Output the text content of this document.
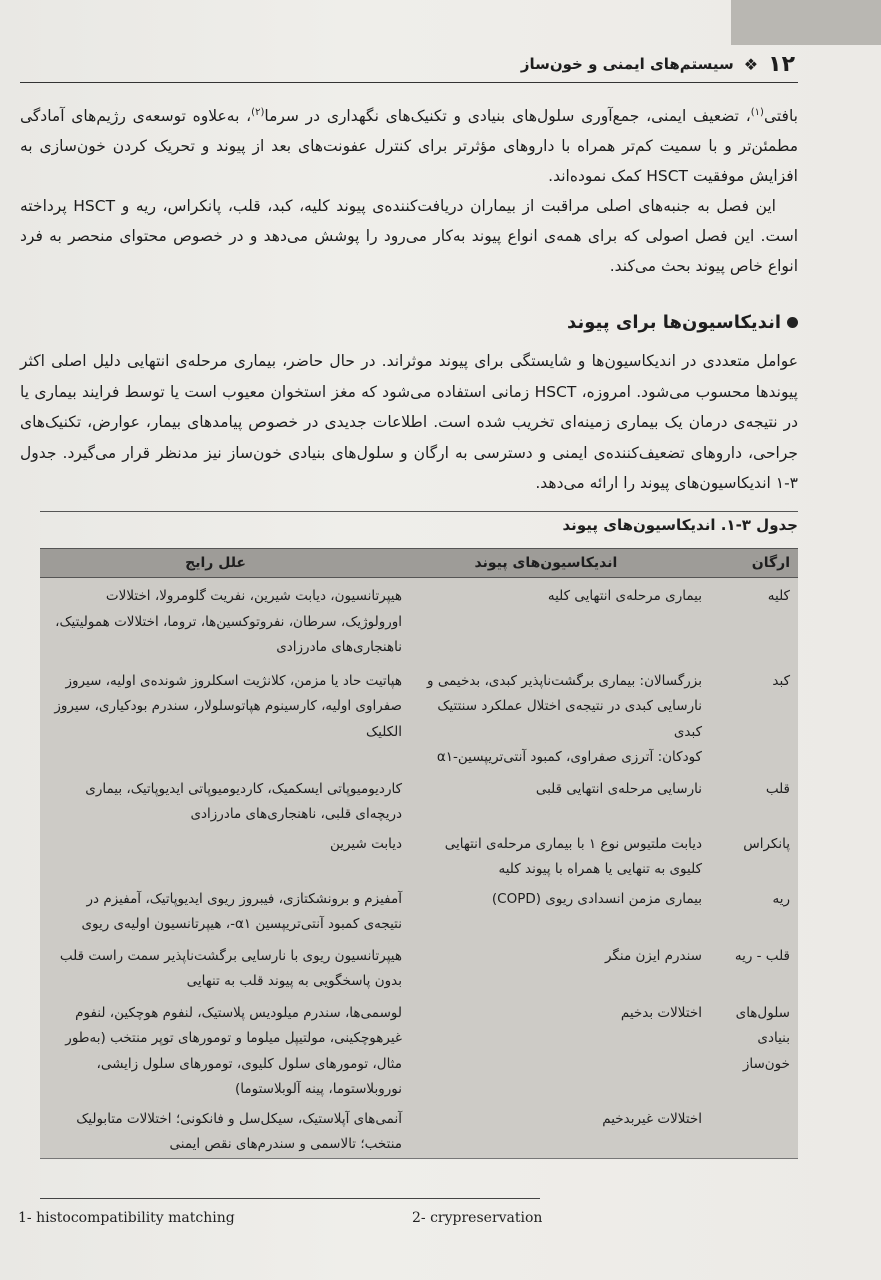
۱۲
❖
سیستم‌های ایمنی و خون‌ساز

بافتی$^{(۱)}$، تضعیف ایمنی، جمع‌آوری سلول‌های بنیادی و تکنیک‌های نگهداری در سرما$^{(۲)}$، به‌علاوه توسعه‌ی رژیم‌های آمادگی مطمئن‌تر و با سمیت کم‌تر همراه با داروهای مؤثرتر برای کنترل عفونت‌های بعد از پیوند و تحریک کردن خون‌سازی به افزایش موفقیت HSCT کمک نموده‌اند.

این فصل به جنبه‌های اصلی مراقبت از بیماران دریافت‌کننده‌ی پیوند کلیه، کبد، قلب، پانکراس، ریه و HSCT پرداخته است. این فصل اصولی که برای همه‌ی انواع پیوند به‌کار می‌رود را پوشش می‌دهد و در خصوص محتوای منحصر به فرد انواع خاص پیوند بحث می‌کند.

اندیکاسیون‌ها برای پیوند

عوامل متعددی در اندیکاسیون‌ها و شایستگی برای پیوند موثراند. در حال حاضر، بیماری مرحله‌ی انتهایی دلیل اصلی اکثر پیوندها محسوب می‌شود. امروزه، HSCT زمانی استفاده می‌شود که مغز استخوان معیوب است یا توسط فرایند بیماری یا در نتیجه‌ی درمان یک بیماری زمینه‌ای تخریب شده است. اطلاعات جدیدی در خصوص پیامدهای بیمار، عوارض، تکنیک‌های جراحی، داروهای تضعیف‌کننده‌ی ایمنی و دسترسی به ارگان و سلول‌های بنیادی خون‌ساز نیز مدنظر قرار می‌گیرد. جدول ۳-۱ اندیکاسیون‌های پیوند را ارائه می‌دهد.

جدول ۳-۱. اندیکاسیون‌های پیوند
ارگان
اندیکاسیون‌های پیوند
علل رایج
کلیه
بیماری مرحله‌ی انتهایی کلیه
هیپرتانسیون، دیابت شیرین، نفریت گلومرولا، اختلالات اورولوژیک، سرطان، نفروتوکسین‌ها، تروما، اختلالات همولیتیک، ناهنجاری‌های مادرزادی
کبد
بزرگسالان: بیماری برگشت‌ناپذیر کبدی، بدخیمی و نارسایی کبدی در نتیجه‌ی اختلال عملکرد سنتتیک کبدی
کودکان: آترزی صفراوی، کمبود آنتی‌تریپسین-α۱
هپاتیت حاد یا مزمن، کلانژیت اسکلروز شونده‌ی اولیه، سیروز صفراوی اولیه، کارسینوم هپاتوسلولار، سندرم بودکیاری، سیروز الکلیک
قلب
نارسایی مرحله‌ی انتهایی قلبی
کاردیومیوپاتی ایسکمیک، کاردیومیوپاتی ایدیوپاتیک، بیماری دریچه‌ای قلبی، ناهنجاری‌های مادرزادی
پانکراس
دیابت ملتیوس نوع ۱ با بیماری مرحله‌ی انتهایی کلیوی به تنهایی یا همراه با پیوند کلیه
دیابت شیرین
ریه
بیماری مزمن انسدادی ریوی (COPD)
آمفیزم و برونشکتازی، فیبروز ریوی ایدیوپاتیک، آمفیزم در نتیجه‌ی کمبود آنتی‌تریپسین α۱-، هیپرتانسیون اولیه‌ی ریوی
قلب - ریه
سندرم ایزن منگر
هیپرتانسیون ریوی با نارسایی برگشت‌ناپذیر سمت راست قلب بدون پاسخگویی به پیوند قلب به تنهایی
سلول‌های بنیادی خون‌ساز
اختلالات بدخیم
لوسمی‌ها، سندرم میلودیس پلاستیک، لنفوم هوچکین، لنفوم غیرهوچکینی، مولتیپل میلوما و تومورهای توپر منتخب (به‌طور مثال، تومورهای سلول کلیوی، تومورهای سلول زایشی، نوروبلاستوما، پینه آلوبلاستوما)
اختلالات غیربدخیم
آنمی‌های آپلاستیک، سیکل‌سل و فانکونی؛ اختلالات متابولیک منتخب؛ تالاسمی و سندرم‌های نقص ایمنی
1- histocompatibility matching	2- crypreservation
